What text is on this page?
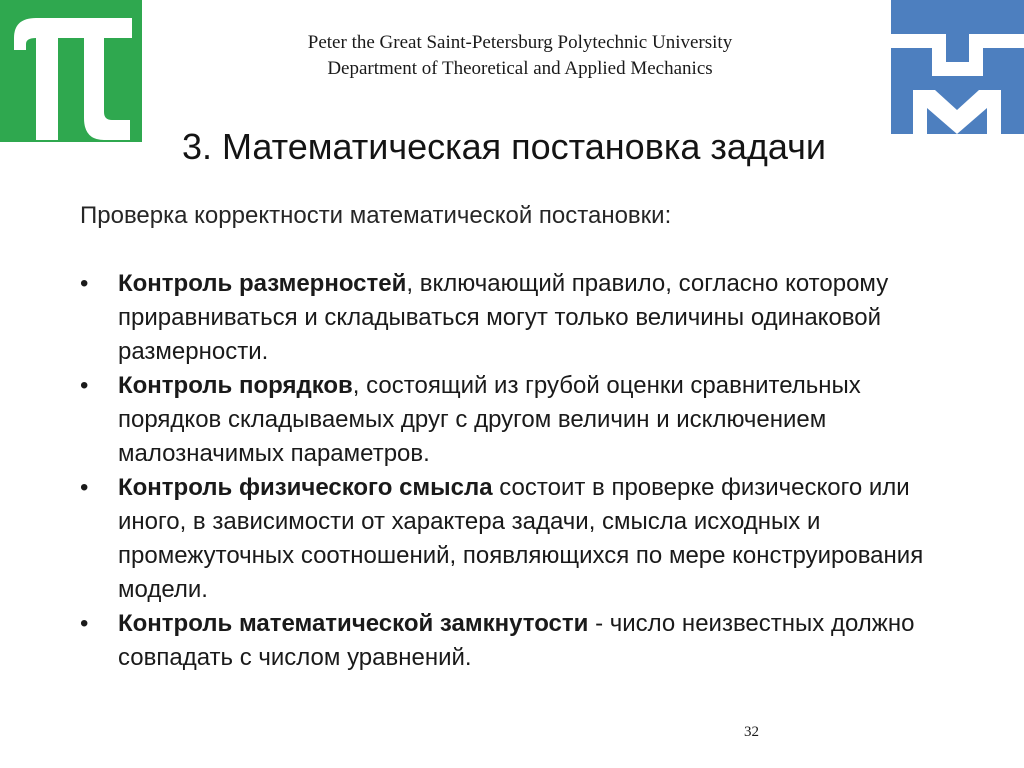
Peter the Great Saint-Petersburg Polytechnic University
Department of Theoretical and Applied Mechanics
3. Математическая постановка задачи

Проверка корректности математической постановки:

•	Контроль размерностей, включающий правило, согласно которому приравниваться и складываться могут только величины одинаковой размерности.
•	Контроль порядков, состоящий из грубой оценки сравнительных порядков складываемых друг с другом величин и исключением малозначимых параметров.
•	Контроль физического смысла состоит в проверке физического или иного, в зависимости от характера задачи, смысла исходных и промежуточных соотношений, появляющихся по мере конструирования модели.
•	Контроль математической замкнутости - число неизвестных должно совпадать с числом уравнений.
32
